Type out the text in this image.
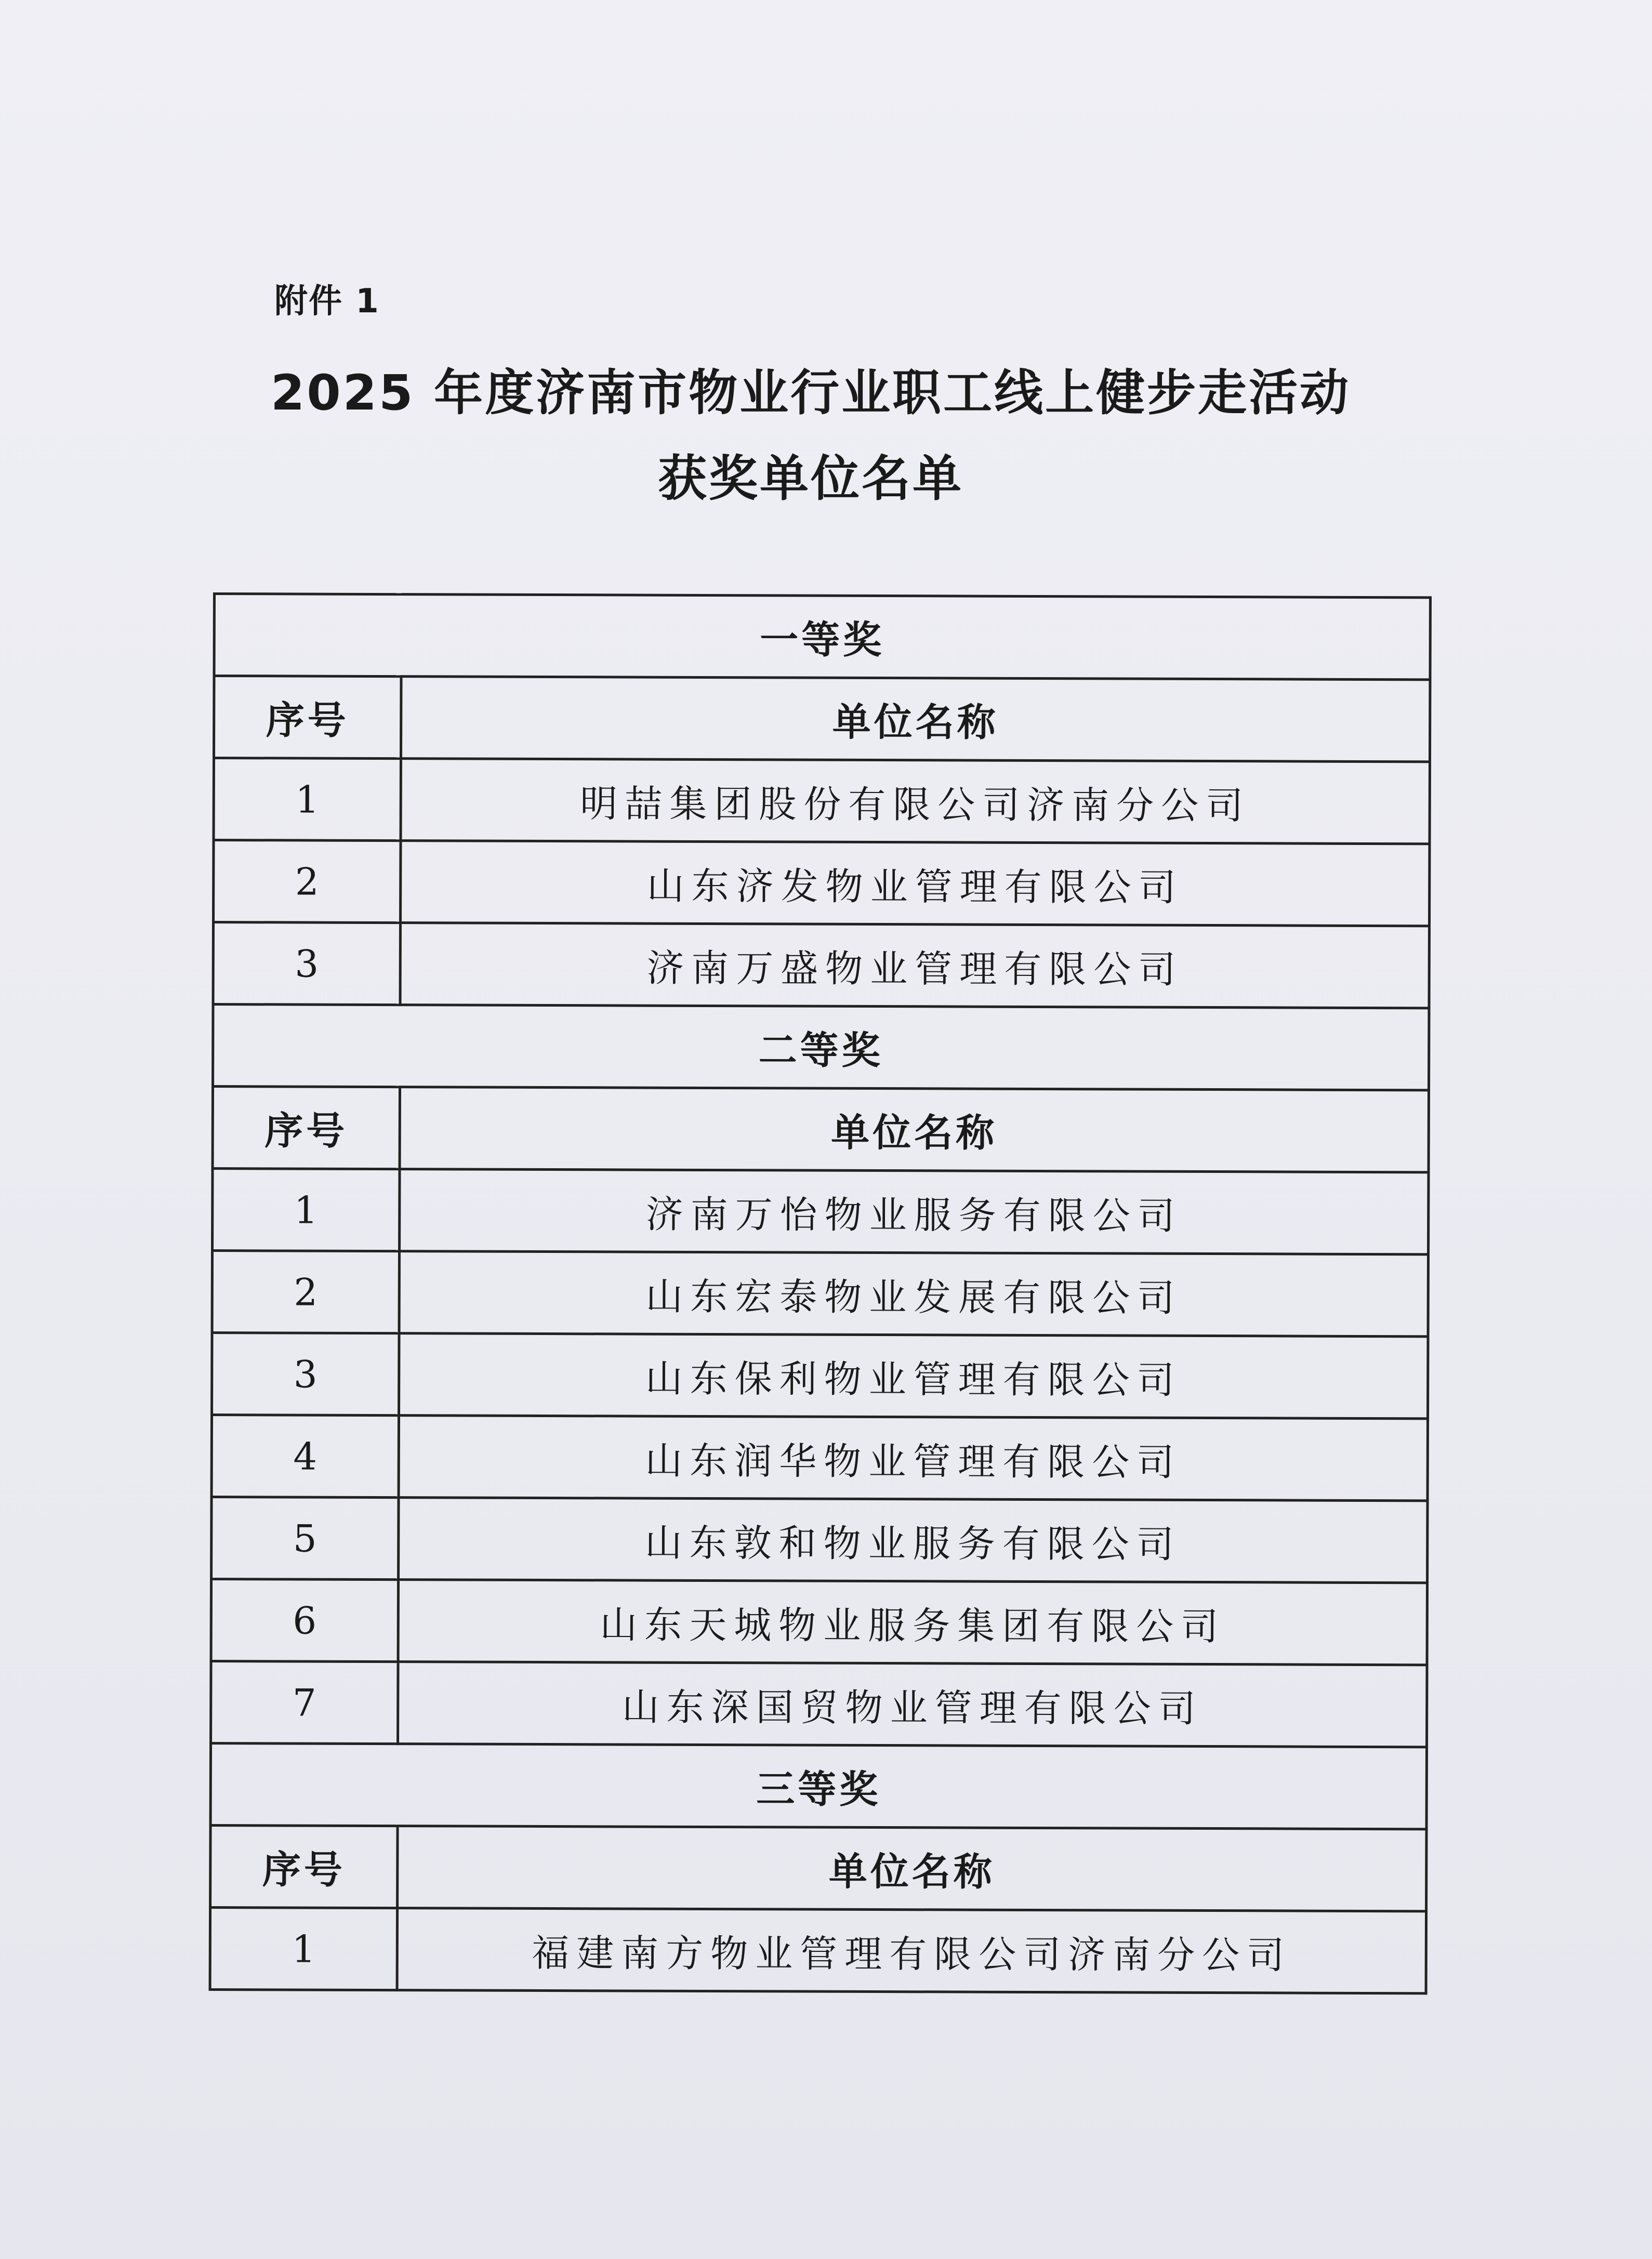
附件 1
2025 年度济南市物业行业职工线上健步走活动
获奖单位名单
一等奖	
序号	单位名称
1	明喆集团股份有限公司济南分公司
2	山东济发物业管理有限公司
3	济南万盛物业管理有限公司
二等奖	
序号	单位名称
1	济南万怡物业服务有限公司
2	山东宏泰物业发展有限公司
3	山东保利物业管理有限公司
4	山东润华物业管理有限公司
5	山东敦和物业服务有限公司
6	山东天城物业服务集团有限公司
7	山东深国贸物业管理有限公司
三等奖	
序号	单位名称
1	福建南方物业管理有限公司济南分公司
